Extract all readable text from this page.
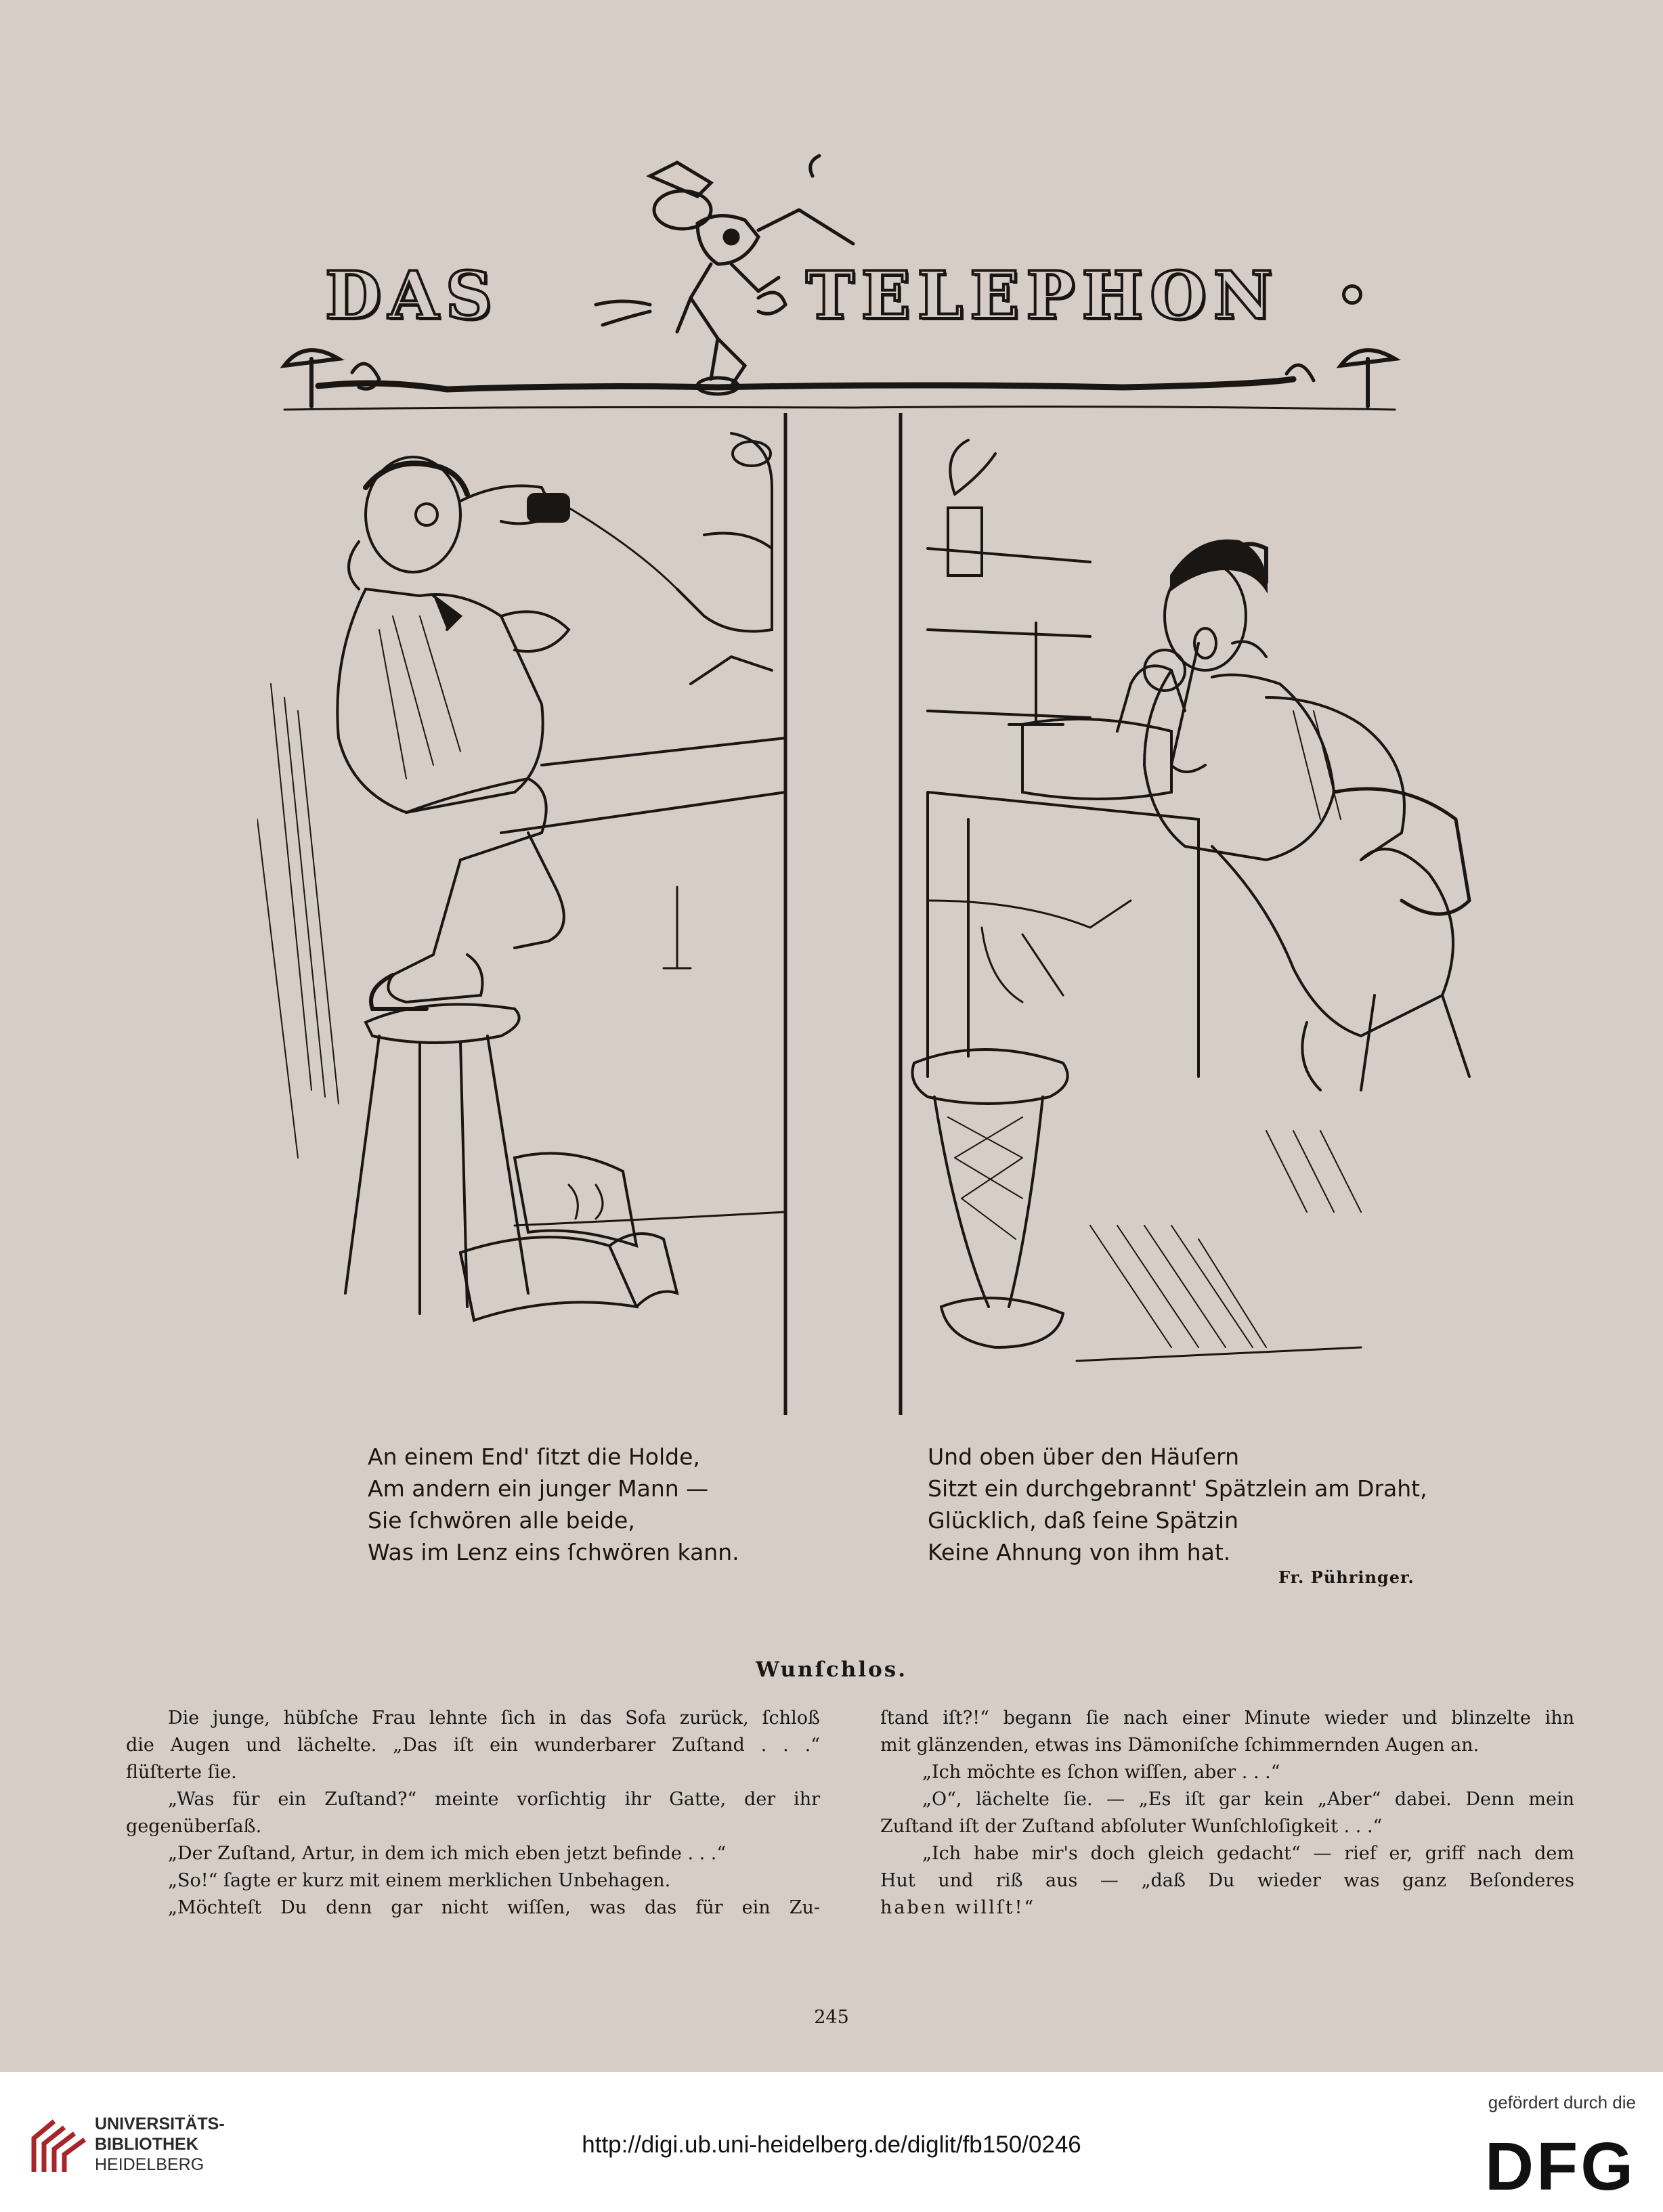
DAS	TELEPHON
An einem End' ſitzt die Holde,
Am andern ein junger Mann —
Sie ſchwören alle beide,
Was im Lenz eins ſchwören kann.
Und oben über den Häuſern
Sitzt ein durchgebrannt' Spätzlein am Draht,
Glücklich, daß ſeine Spätzin
Keine Ahnung von ihm hat.
Fr. Pühringer.
Wunſchlos.

Die junge, hübſche Frau lehnte ſich in das Sofa zurück, ſchloß

die Augen und lächelte. „Das iſt ein wunderbarer Zuſtand . . .“

flüſterte ſie.

„Was für ein Zuſtand?“ meinte vorſichtig ihr Gatte, der ihr

gegenüberſaß.

„Der Zuſtand, Artur, in dem ich mich eben jetzt befinde . . .“

„So!“ ſagte er kurz mit einem merklichen Unbehagen.

„Möchteſt Du denn gar nicht wiſſen, was das für ein Zu-

ſtand iſt?!“ begann ſie nach einer Minute wieder und blinzelte ihn

mit glänzenden, etwas ins Dämoniſche ſchimmernden Augen an.

„Ich möchte es ſchon wiſſen, aber . . .“

„O“, lächelte ſie. — „Es iſt gar kein „Aber“ dabei. Denn mein

Zuſtand iſt der Zuſtand abſoluter Wunſchloſigkeit . . .“

„Ich habe mir's doch gleich gedacht“ — rief er, griff nach dem

Hut und riß aus — „daß Du wieder was ganz Beſonderes

haben willſt!“

245
UNIVERSITÄTS-
BIBLIOTHEK
HEIDELBERG
http://digi.ub.uni-heidelberg.de/diglit/fb150/0246
gefördert durch die
DFG
